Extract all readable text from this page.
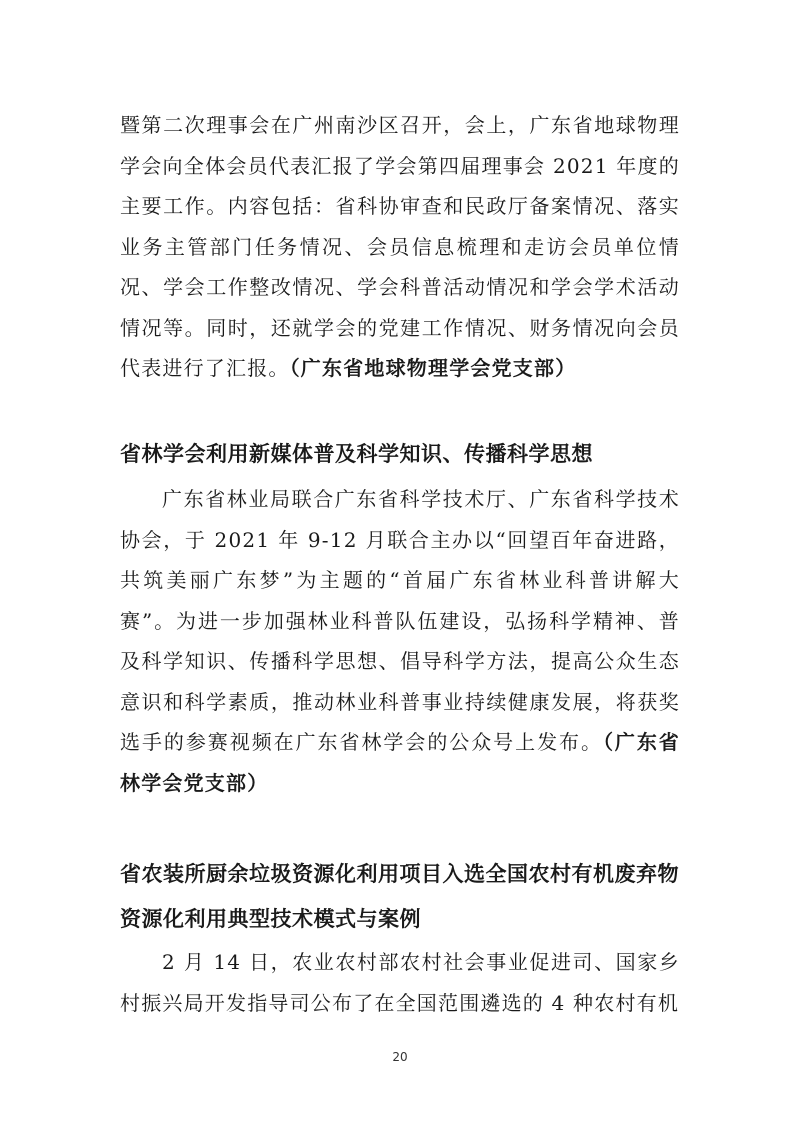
暨第二次理事会在广州南沙区召开，会上，广东省地球物理学会向全体会员代表汇报了学会第四届理事会 2021 年度的主要工作。内容包括：省科协审查和民政厅备案情况、落实业务主管部门任务情况、会员信息梳理和走访会员单位情况、学会工作整改情况、学会科普活动情况和学会学术活动情况等。同时，还就学会的党建工作情况、财务情况向会员代表进行了汇报。（广东省地球物理学会党支部）

省林学会利用新媒体普及科学知识、传播科学思想

广东省林业局联合广东省科学技术厅、广东省科学技术协会，于 2021 年 9-12 月联合主办以“回望百年奋进路，共筑美丽广东梦”为主题的“首届广东省林业科普讲解大赛”。为进一步加强林业科普队伍建设，弘扬科学精神、普及科学知识、传播科学思想、倡导科学方法，提高公众生态意识和科学素质，推动林业科普事业持续健康发展，将获奖选手的参赛视频在广东省林学会的公众号上发布。（广东省林学会党支部）

省农装所厨余垃圾资源化利用项目入选全国农村有机废弃物资源化利用典型技术模式与案例

2 月 14 日，农业农村部农村社会事业促进司、国家乡村振兴局开发指导司公布了在全国范围遴选的 4 种农村有机

20
